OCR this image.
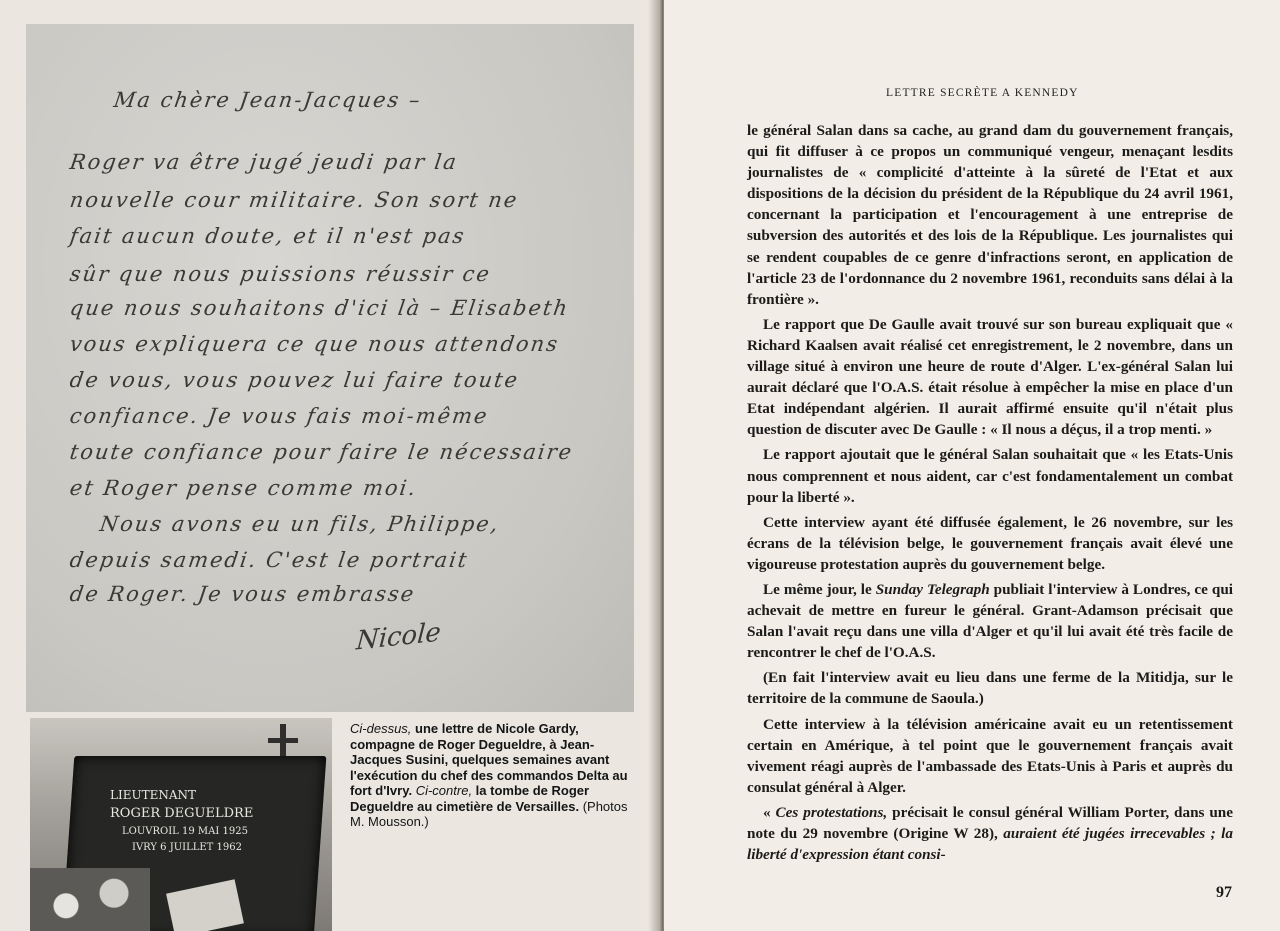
Ma chère Jean-Jacques –
Roger va être jugé jeudi par la
nouvelle cour militaire. Son sort ne
fait aucun doute, et il n'est pas
sûr que nous puissions réussir ce
que nous souhaitons d'ici là – Elisabeth
vous expliquera ce que nous attendons
de vous, vous pouvez lui faire toute
confiance. Je vous fais moi-même
toute confiance pour faire le nécessaire
et Roger pense comme moi.
Nous avons eu un fils, Philippe,
depuis samedi. C'est le portrait
de Roger. Je vous embrasse
Nicole
LIEUTENANT
ROGER DEGUELDRE
LOUVROIL 19 MAI 1925
IVRY 6 JUILLET 1962
Ci-dessus, une lettre de Nicole Gardy, compagne de Roger Degueldre, à Jean-Jacques Susini, quelques semaines avant l'exécution du chef des commandos Delta au fort d'Ivry. Ci-contre, la tombe de Roger Degueldre au cimetière de Versailles. (Photos M. Mousson.)
LETTRE SECRÈTE A KENNEDY

le général Salan dans sa cache, au grand dam du gouvernement français, qui fit diffuser à ce propos un communiqué vengeur, menaçant lesdits journalistes de « complicité d'atteinte à la sûreté de l'Etat et aux dispositions de la décision du président de la République du 24 avril 1961, concernant la participation et l'encouragement à une entreprise de subversion des autorités et des lois de la République. Les journalistes qui se rendent coupables de ce genre d'infractions seront, en application de l'article 23 de l'ordonnance du 2 novembre 1961, reconduits sans délai à la frontière ».

Le rapport que De Gaulle avait trouvé sur son bureau expliquait que « Richard Kaalsen avait réalisé cet enregistrement, le 2 novembre, dans un village situé à environ une heure de route d'Alger. L'ex-général Salan lui aurait déclaré que l'O.A.S. était résolue à empêcher la mise en place d'un Etat indépendant algérien. Il aurait affirmé ensuite qu'il n'était plus question de discuter avec De Gaulle : « Il nous a déçus, il a trop menti. »

Le rapport ajoutait que le général Salan souhaitait que « les Etats-Unis nous comprennent et nous aident, car c'est fondamentalement un combat pour la liberté ».

Cette interview ayant été diffusée également, le 26 novembre, sur les écrans de la télévision belge, le gouvernement français avait élevé une vigoureuse protestation auprès du gouvernement belge.

Le même jour, le Sunday Telegraph publiait l'interview à Londres, ce qui achevait de mettre en fureur le général. Grant-Adamson précisait que Salan l'avait reçu dans une villa d'Alger et qu'il lui avait été très facile de rencontrer le chef de l'O.A.S.

(En fait l'interview avait eu lieu dans une ferme de la Mitidja, sur le territoire de la commune de Saoula.)

Cette interview à la télévision américaine avait eu un retentissement certain en Amérique, à tel point que le gouvernement français avait vivement réagi auprès de l'ambassade des Etats-Unis à Paris et auprès du consulat général à Alger.

« Ces protestations, précisait le consul général William Porter, dans une note du 29 novembre (Origine W 28), auraient été jugées irrecevables ; la liberté d'expression étant consi-

97
